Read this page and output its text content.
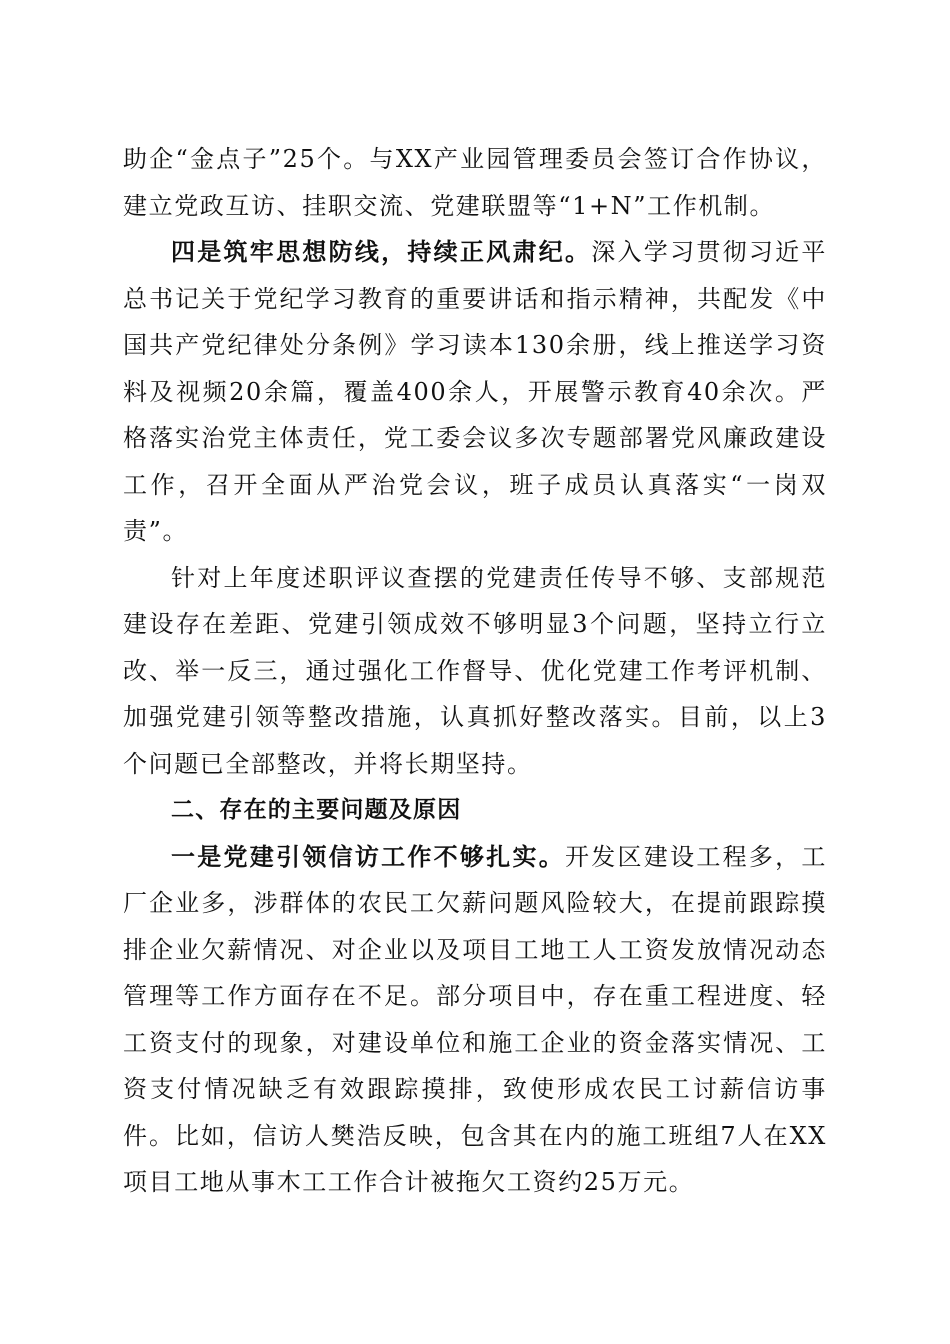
助企“金点子”25个。与XX产业园管理委员会签订合作协议，建立党政互访、挂职交流、党建联盟等“1+N”工作机制。

四是筑牢思想防线，持续正风肃纪。深入学习贯彻习近平总书记关于党纪学习教育的重要讲话和指示精神，共配发《中国共产党纪律处分条例》学习读本130余册，线上推送学习资料及视频20余篇，覆盖400余人，开展警示教育40余次。严格落实治党主体责任，党工委会议多次专题部署党风廉政建设工作，召开全面从严治党会议，班子成员认真落实“一岗双责”。

针对上年度述职评议查摆的党建责任传导不够、支部规范建设存在差距、党建引领成效不够明显3个问题，坚持立行立改、举一反三，通过强化工作督导、优化党建工作考评机制、加强党建引领等整改措施，认真抓好整改落实。目前，以上3个问题已全部整改，并将长期坚持。

二、存在的主要问题及原因

一是党建引领信访工作不够扎实。开发区建设工程多，工厂企业多，涉群体的农民工欠薪问题风险较大，在提前跟踪摸排企业欠薪情况、对企业以及项目工地工人工资发放情况动态管理等工作方面存在不足。部分项目中，存在重工程进度、轻工资支付的现象，对建设单位和施工企业的资金落实情况、工资支付情况缺乏有效跟踪摸排，致使形成农民工讨薪信访事件。比如，信访人樊浩反映，包含其在内的施工班组7人在XX项目工地从事木工工作合计被拖欠工资约25万元。
